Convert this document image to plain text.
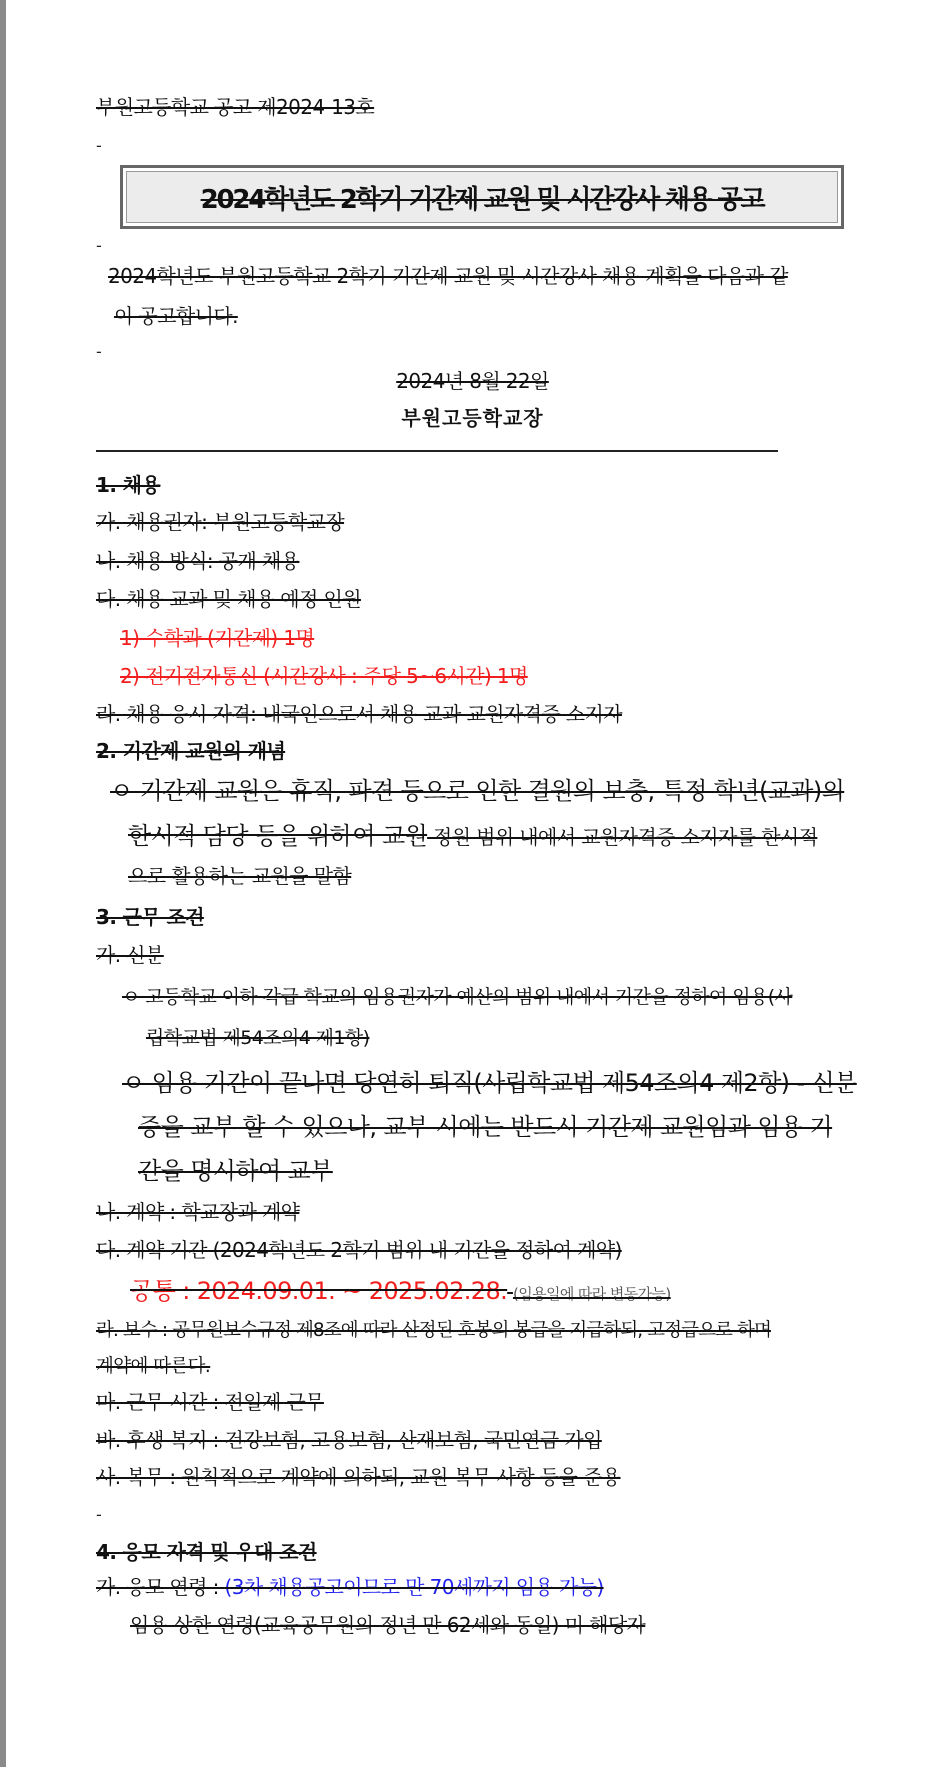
부원고등학교 공고 제2024-13호
-
2024학년도 2학기 기간제 교원 및 시간강사 채용 공고
-
2024학년도 부원고등학교 2학기 기간제 교원 및 시간강사 채용 계획을 다음과 같
이 공고합니다.
-
2024년 8월 22일
부원고등학교장
1. 채용
가. 채용권자: 부원고등학교장
나. 채용 방식: 공개 채용
다. 채용 교과 및 채용 예정 인원
1) 수학과 (기간제) 1명
2) 전기전자통신 (시간강사 : 주당 5~6시간) 1명
라. 채용 응시 자격: 내국인으로서 채용 교과 교원자격증 소지자
2. 기간제 교원의 개념
ㅇ 기간제 교원은 휴직, 파견 등으로 인한 결원의 보충, 특정 학년(교과)의
한시적 담당 등을 위하여 교원 정원 범위 내에서 교원자격증 소지자를 한시적
으로 활용하는 교원을 말함
3. 근무 조건
가. 신분
ㅇ 고등학교 이하 각급 학교의 임용권자가 예산의 범위 내에서 기간을 정하여 임용(사
립학교법 제54조의4 제1항)
ㅇ 임용 기간이 끝나면 당연히 퇴직(사립학교법 제54조의4 제2항) - 신분
증을 교부 할 수 있으나, 교부 시에는 반드시 기간제 교원임과 임용 기
간을 명시하여 교부
나. 계약 : 학교장과 계약
다. 계약 기간 (2024학년도 2학기 범위 내 기간을 정하여 계약)
공통 : 2024.09.01. ~ 2025.02.28. (임용일에 따라 변동가능)
라. 보수 : 공무원보수규정 제8조에 따라 산정된 호봉의 봉급을 지급하되, 고정급으로 하며
계약에 따른다.
마. 근무 시간 : 전일제 근무
바. 후생 복지 : 건강보험, 고용보험, 산재보험, 국민연금 가입
사. 복무 : 원칙적으로 계약에 의하되, 교원 복무 사항 등을 준용
-
4. 응모 자격 및 우대 조건
가. 응모 연령 : (3차 채용공고이므로 만 70세까지 임용 가능)
임용 상한 연령(교육공무원의 정년 만 62세와 동일) 미 해당자
